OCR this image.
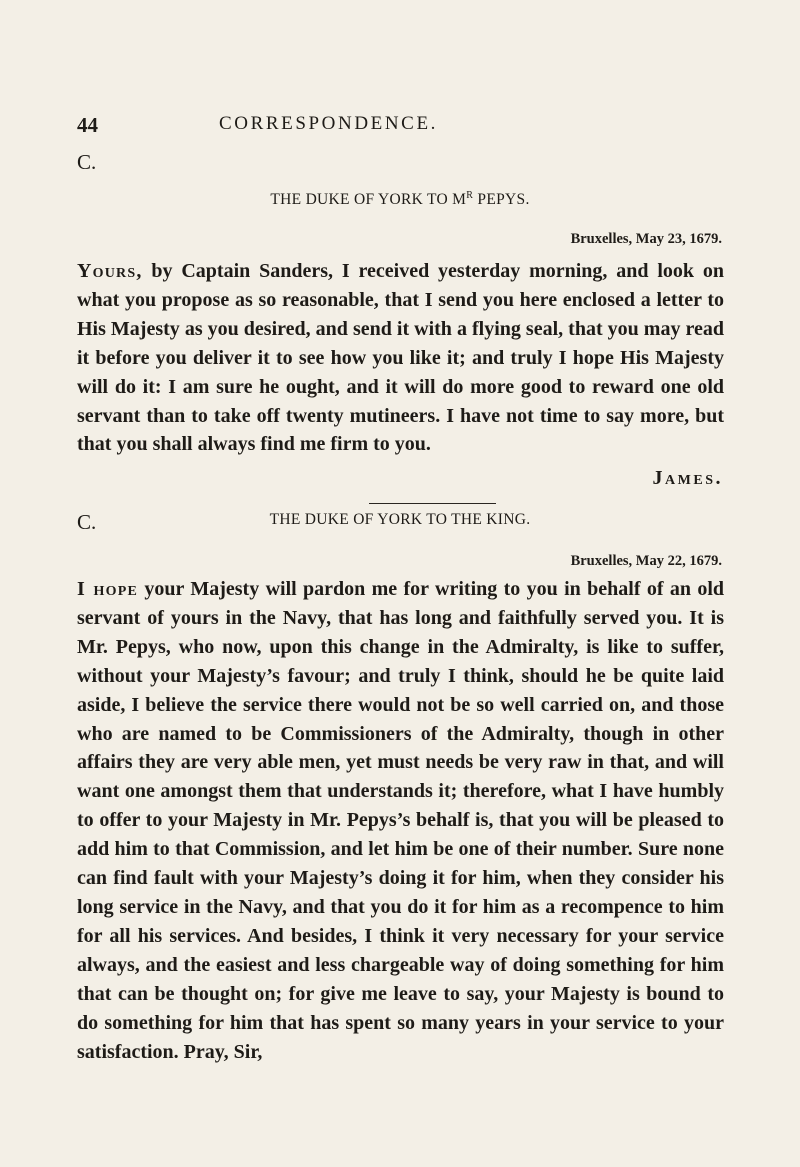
44	CORRESPONDENCE.
C.
THE DUKE OF YORK TO $M^R$ PEPYS.
Bruxelles, May 23, 1679.

Yours, by Captain Sanders, I received yesterday morning, and look on what you propose as so reasonable, that I send you here enclosed a letter to His Majesty as you desired, and send it with a flying seal, that you may read it before you deliver it to see how you like it; and truly I hope His Majesty will do it: I am sure he ought, and it will do more good to reward one old servant than to take off twenty mutineers. I have not time to say more, but that you shall always find me firm to you.

James.
C.	THE DUKE OF YORK TO THE KING.
Bruxelles, May 22, 1679.

I hope your Majesty will pardon me for writing to you in behalf of an old servant of yours in the Navy, that has long and faithfully served you. It is Mr. Pepys, who now, upon this change in the Admiralty, is like to suffer, without your Majesty’s favour; and truly I think, should he be quite laid aside, I believe the service there would not be so well carried on, and those who are named to be Commissioners of the Admiralty, though in other affairs they are very able men, yet must needs be very raw in that, and will want one amongst them that understands it; therefore, what I have humbly to offer to your Majesty in Mr. Pepys’s behalf is, that you will be pleased to add him to that Commission, and let him be one of their number. Sure none can find fault with your Majesty’s doing it for him, when they consider his long service in the Navy, and that you do it for him as a recompence to him for all his services. And besides, I think it very necessary for your service always, and the easiest and less chargeable way of doing something for him that can be thought on; for give me leave to say, your Majesty is bound to do something for him that has spent so many years in your service to your satisfaction. Pray, Sir,
